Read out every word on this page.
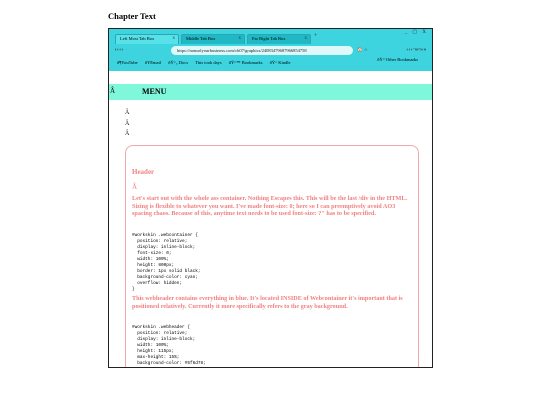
Chapter Text
Left Most Tab Box	x	Middle Tab Box	x	Far Right Tab Box	x +
_ ▢ X
ǂ ǂ ǂ ǂ	https://nonsolyourbusiness.com/ch07/graphics/24083479687966854758	🏠 ☆	ǂ ǂ ǂ "ǂǂǂ"ǂǂ ǂǂ
ð¶YouTube ðYEmail ðŸ“„ Docs This took days ðŸ“™ Bookmarks ðŸ“ Kindle
ðŸ“ Other Bookmarks
Â	MENU
Â
Â
Â
Header
Â

Let's start out with the whole ass container. Nothing Escapes this. This will be the last /div in the HTML. Sizing is flexible to whatever you want. I've made font-size: 0; here so I can preemptively avoid AO3 spacing chaos. Because of this, anytime text needs to be used font-size: ?" has to be specified.

#workskin .webcontainer {
position: relative;
display: inline-block;
font-size: 0;
width: 100%;
height: 800px;
border: 1px solid black;
background-color: cyan;
overflow: hidden;
}

This webheader contains everything in blue. It's located INSIDE of Webcontainer it's important that is positioned relatively. Currently it more specifically refers to the gray background.

#workskin .webheader {
position: relative;
display: inline-block;
width: 100%;
height: 115px;
max-height: 15%;
background-color: #5f6d78;
